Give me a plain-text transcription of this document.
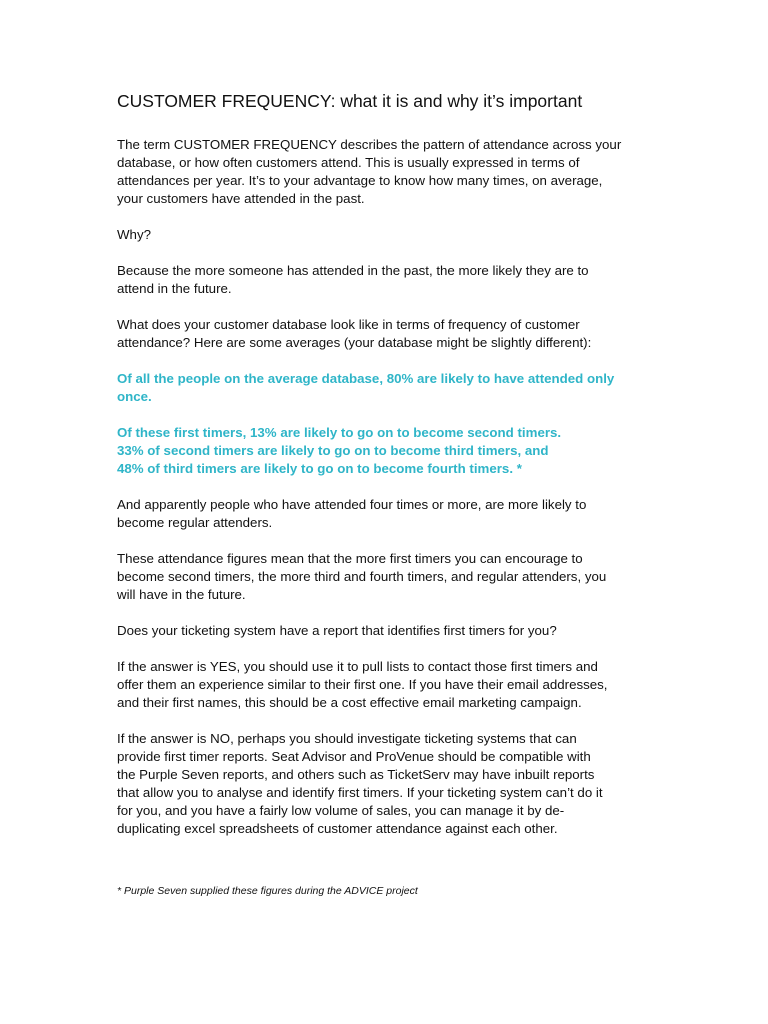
CUSTOMER FREQUENCY: what it is and why it’s important

The term CUSTOMER FREQUENCY describes the pattern of attendance across your
database, or how often customers attend. This is usually expressed in terms of
attendances per year. It’s to your advantage to know how many times, on average,
your customers have attended in the past.

Why?

Because the more someone has attended in the past, the more likely they are to
attend in the future.

What does your customer database look like in terms of frequency of customer
attendance? Here are some averages (your database might be slightly different):

Of all the people on the average database, 80% are likely to have attended only
once.

Of these first timers, 13% are likely to go on to become second timers.
33% of second timers are likely to go on to become third timers, and
48% of third timers are likely to go on to become fourth timers. *

And apparently people who have attended four times or more, are more likely to
become regular attenders.

These attendance figures mean that the more first timers you can encourage to
become second timers, the more third and fourth timers, and regular attenders, you
will have in the future.

Does your ticketing system have a report that identifies first timers for you?

If the answer is YES, you should use it to pull lists to contact those first timers and
offer them an experience similar to their first one. If you have their email addresses,
and their first names, this should be a cost effective email marketing campaign.

If the answer is NO, perhaps you should investigate ticketing systems that can
provide first timer reports. Seat Advisor and ProVenue should be compatible with
the Purple Seven reports, and others such as TicketServ may have inbuilt reports
that allow you to analyse and identify first timers. If your ticketing system can’t do it
for you, and you have a fairly low volume of sales, you can manage it by de-
duplicating excel spreadsheets of customer attendance against each other.

* Purple Seven supplied these figures during the ADVICE project
